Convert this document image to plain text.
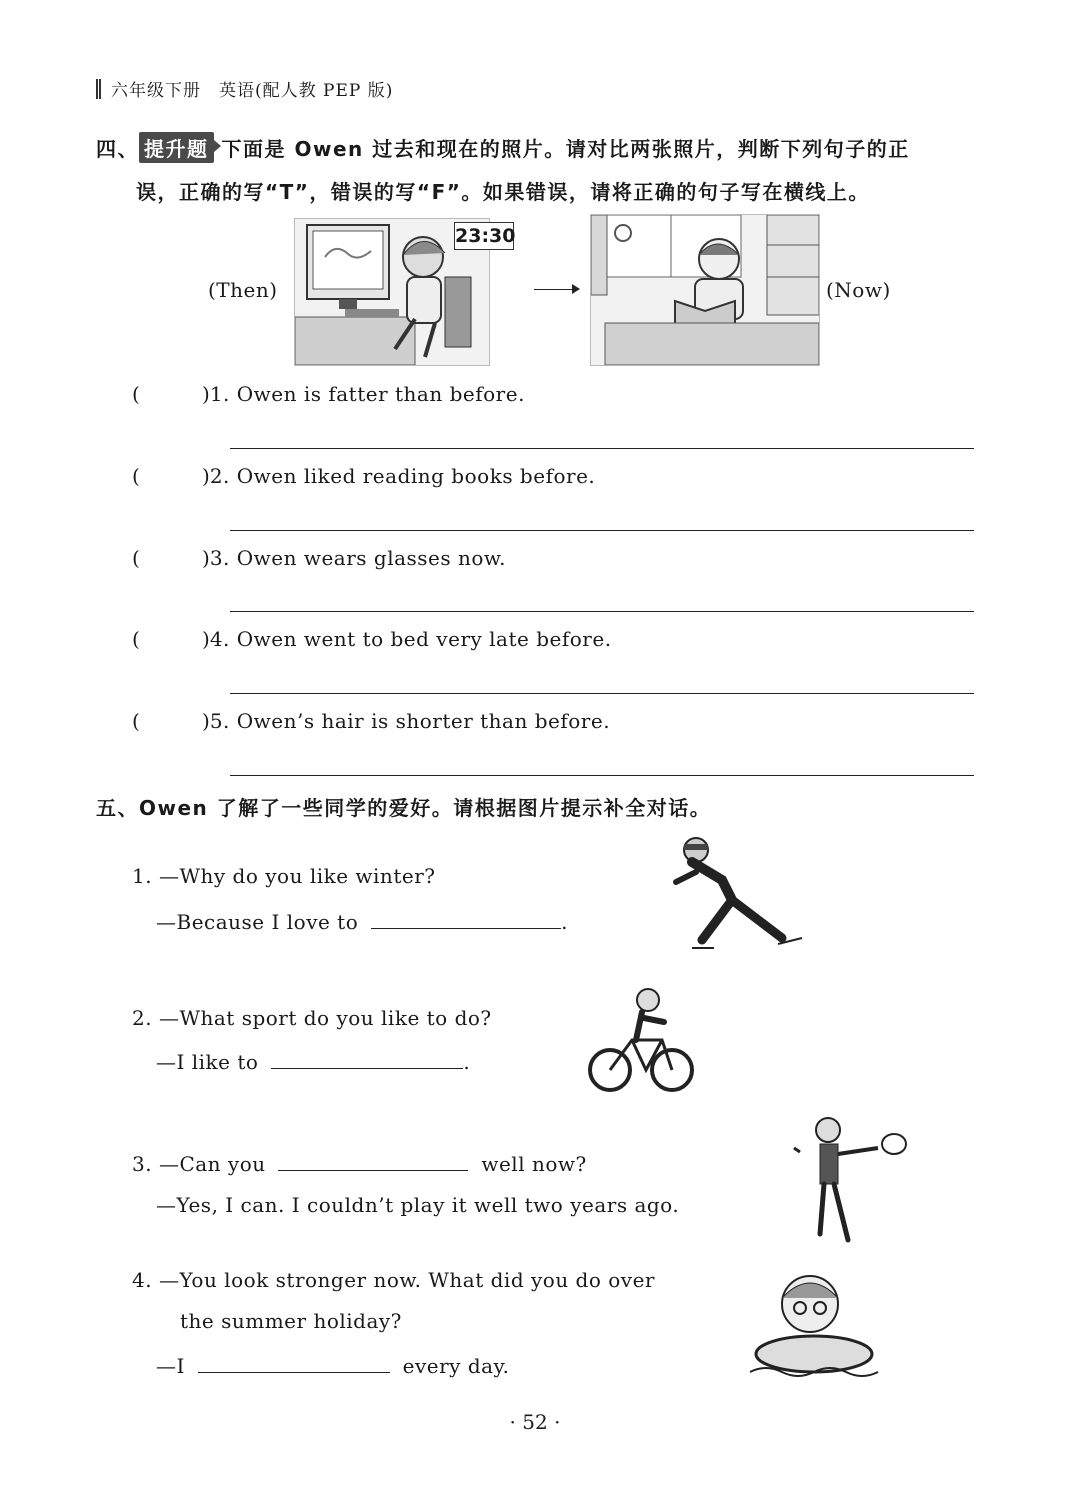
六年级下册　英语(配人教 PEP 版)
四、 提升题 下面是 Owen 过去和现在的照片。请对比两张照片，判断下列句子的正
误，正确的写“T”，错误的写“F”。如果错误，请将正确的句子写在横线上。
(Then)
23:30
(Now)
(	)1. Owen is fatter than before.
(	)2. Owen liked reading books before.
(	)3. Owen wears glasses now.
(	)4. Owen went to bed very late before.
(	)5. Owen’s hair is shorter than before.
五、Owen 了解了一些同学的爱好。请根据图片提示补全对话。
1. —Why do you like winter?
—Because I love to	.
2. —What sport do you like to do?
—I like to	.
3. —Can you	well now?
—Yes, I can. I couldn’t play it well two years ago.
4. —You look stronger now. What did you do over
the summer holiday?
—I	every day.
· 52 ·
